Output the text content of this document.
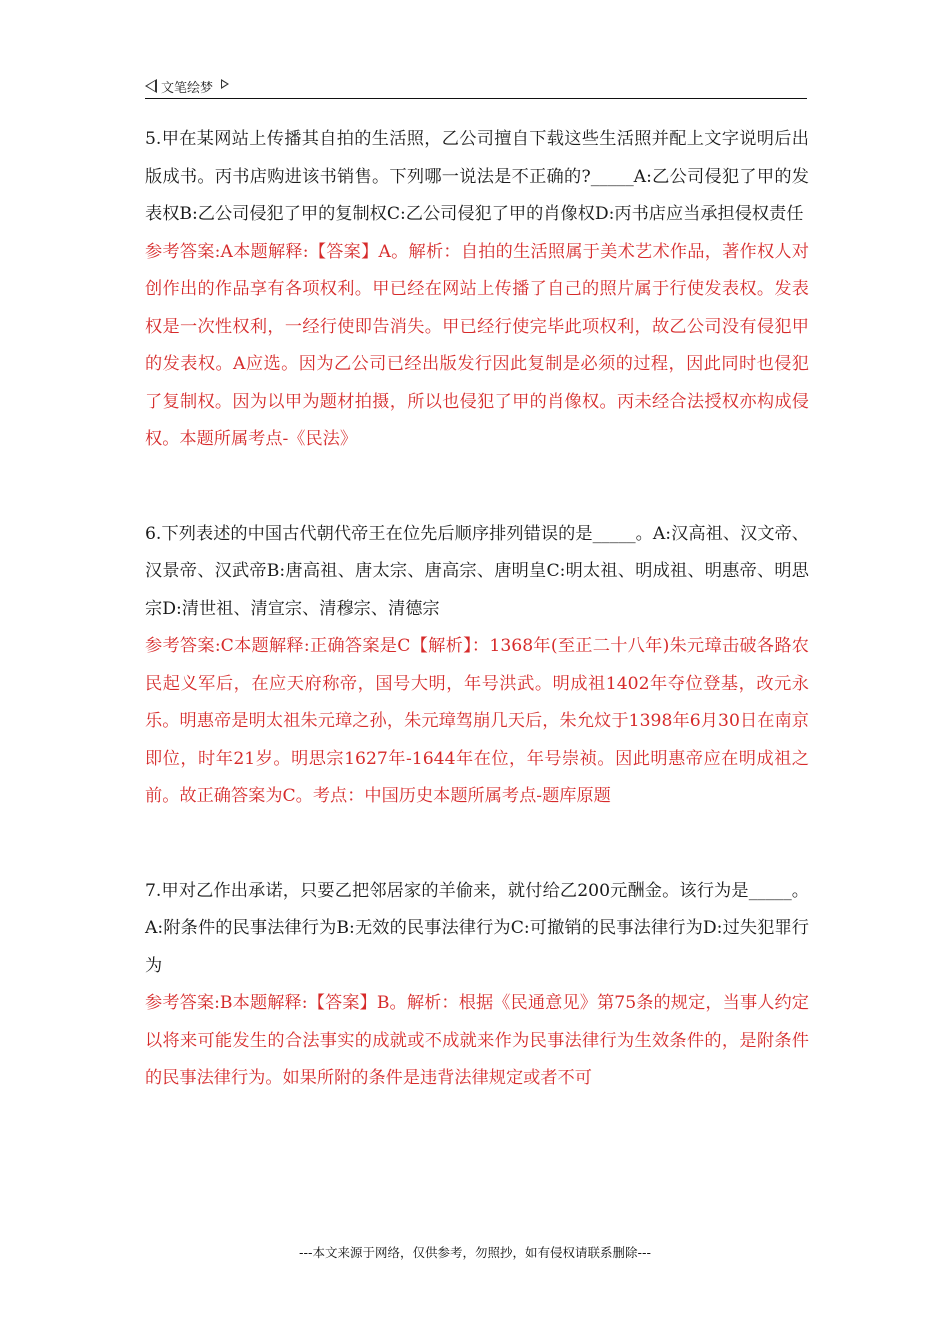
文笔绘梦

5.甲在某网站上传播其自拍的生活照，乙公司擅自下载这些生活照并配上文字说明后出版成书。丙书店购进该书销售。下列哪一说法是不正确的?_____A:乙公司侵犯了甲的发表权B:乙公司侵犯了甲的复制权C:乙公司侵犯了甲的肖像权D:丙书店应当承担侵权责任

参考答案:A本题解释:【答案】A。解析：自拍的生活照属于美术艺术作品，著作权人对创作出的作品享有各项权利。甲已经在网站上传播了自己的照片属于行使发表权。发表权是一次性权利，一经行使即告消失。甲已经行使完毕此项权利，故乙公司没有侵犯甲的发表权。A应选。因为乙公司已经出版发行因此复制是必须的过程，因此同时也侵犯了复制权。因为以甲为题材拍摄，所以也侵犯了甲的肖像权。丙未经合法授权亦构成侵权。本题所属考点-《民法》

6.下列表述的中国古代朝代帝王在位先后顺序排列错误的是_____。A:汉高祖、汉文帝、汉景帝、汉武帝B:唐高祖、唐太宗、唐高宗、唐明皇C:明太祖、明成祖、明惠帝、明思宗D:清世祖、清宣宗、清穆宗、清德宗

参考答案:C本题解释:正确答案是C【解析】：1368年(至正二十八年)朱元璋击破各路农民起义军后，在应天府称帝，国号大明，年号洪武。明成祖1402年夺位登基，改元永乐。明惠帝是明太祖朱元璋之孙，朱元璋驾崩几天后，朱允炆于1398年6月30日在南京即位，时年21岁。明思宗1627年-1644年在位，年号崇祯。因此明惠帝应在明成祖之前。故正确答案为C。考点：中国历史本题所属考点-题库原题

7.甲对乙作出承诺，只要乙把邻居家的羊偷来，就付给乙200元酬金。该行为是_____。A:附条件的民事法律行为B:无效的民事法律行为C:可撤销的民事法律行为D:过失犯罪行为

参考答案:B本题解释:【答案】B。解析：根据《民通意见》第75条的规定，当事人约定以将来可能发生的合法事实的成就或不成就来作为民事法律行为生效条件的，是附条件的民事法律行为。如果所附的条件是违背法律规定或者不可

---本文来源于网络，仅供参考，勿照抄，如有侵权请联系删除---
